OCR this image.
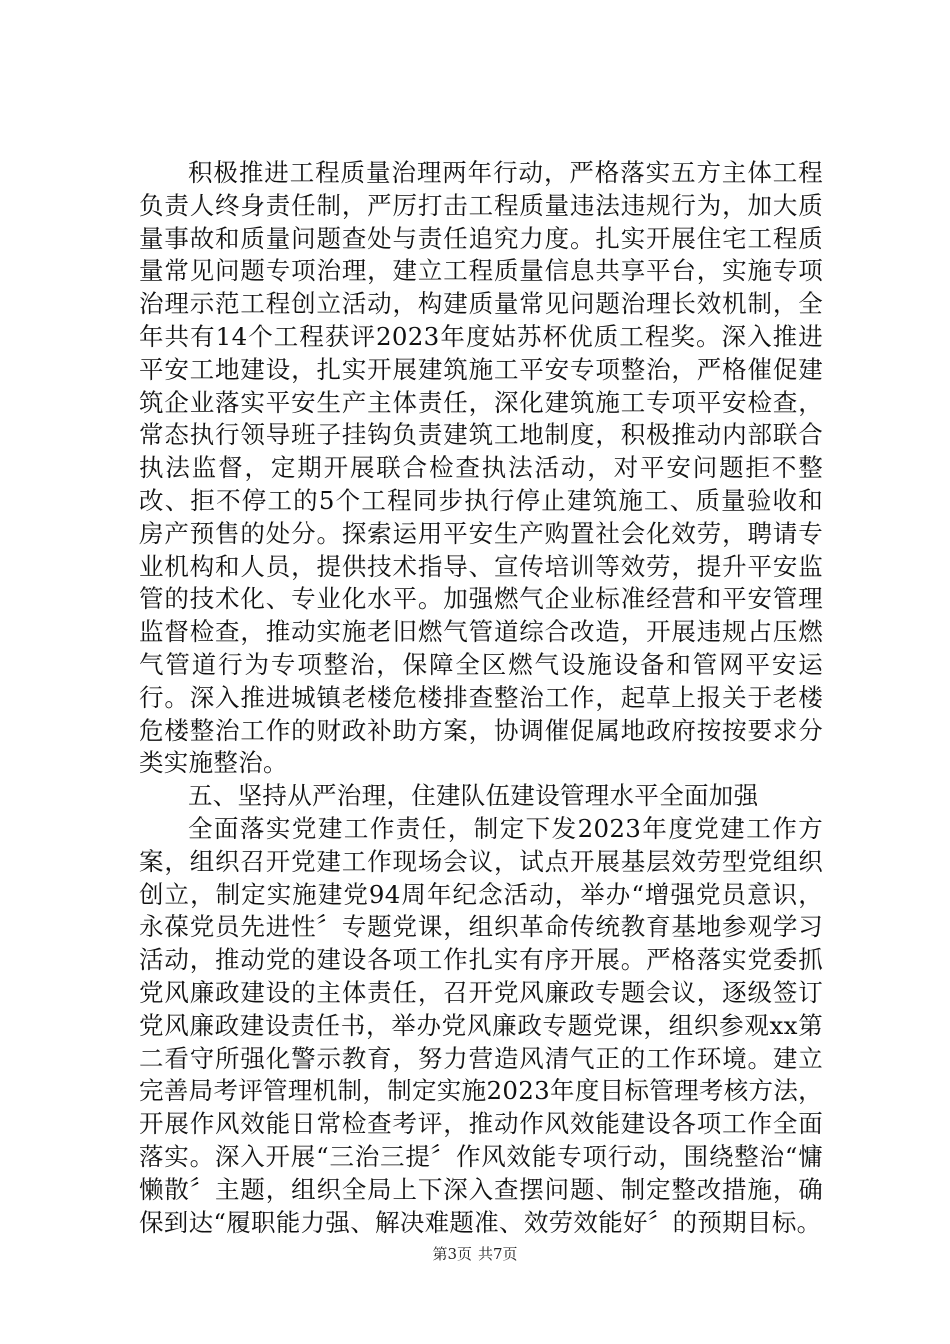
积极推进工程质量治理两年行动，严格落实五方主体工程负责人终身责任制，严厉打击工程质量违法违规行为，加大质量事故和质量问题查处与责任追究力度。扎实开展住宅工程质量常见问题专项治理，建立工程质量信息共享平台，实施专项治理示范工程创立活动，构建质量常见问题治理长效机制，全年共有14个工程获评2023年度姑苏杯优质工程奖。深入推进平安工地建设，扎实开展建筑施工平安专项整治，严格催促建筑企业落实平安生产主体责任，深化建筑施工专项平安检查，常态执行领导班子挂钩负责建筑工地制度，积极推动内部联合执法监督，定期开展联合检查执法活动，对平安问题拒不整改、拒不停工的5个工程同步执行停止建筑施工、质量验收和房产预售的处分。探索运用平安生产购置社会化效劳，聘请专业机构和人员，提供技术指导、宣传培训等效劳，提升平安监管的技术化、专业化水平。加强燃气企业标准经营和平安管理监督检查，推动实施老旧燃气管道综合改造，开展违规占压燃气管道行为专项整治，保障全区燃气设施设备和管网平安运行。深入推进城镇老楼危楼排查整治工作，起草上报关于老楼危楼整治工作的财政补助方案，协调催促属地政府按按要求分类实施整治。

五、坚持从严治理，住建队伍建设管理水平全面加强

全面落实党建工作责任，制定下发2023年度党建工作方案，组织召开党建工作现场会议，试点开展基层效劳型党组织创立，制定实施建党94周年纪念活动，举办“增强党员意识，永葆党员先进性〞专题党课，组织革命传统教育基地参观学习活动，推动党的建设各项工作扎实有序开展。严格落实党委抓党风廉政建设的主体责任，召开党风廉政专题会议，逐级签订党风廉政建设责任书，举办党风廉政专题党课，组织参观xx第二看守所强化警示教育，努力营造风清气正的工作环境。建立完善局考评管理机制，制定实施2023年度目标管理考核方法，开展作风效能日常检查考评，推动作风效能建设各项工作全面落实。深入开展“三治三提〞作风效能专项行动，围绕整治“慵懒散〞主题，组织全局上下深入查摆问题、制定整改措施，确保到达“履职能力强、解决难题准、效劳效能好〞的预期目标。

第3页 共7页
